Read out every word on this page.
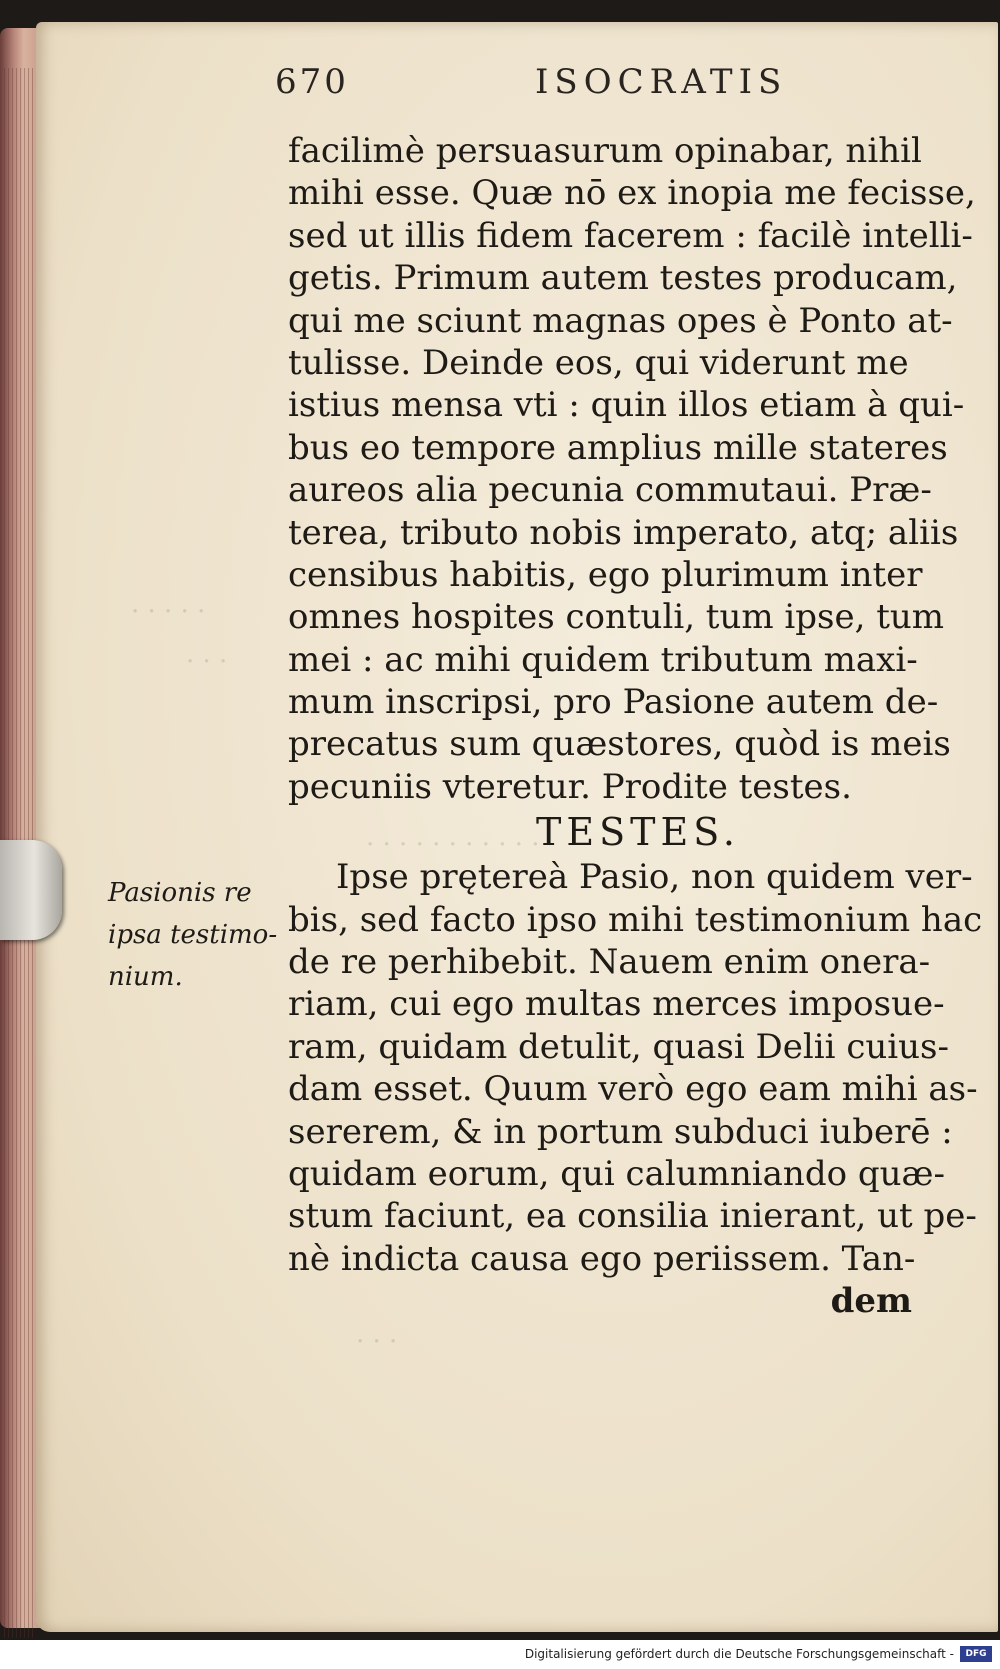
· · · · ·
· · ·
· · · · · · · · · · ·
· · ·
670	ISOCRATIS
facilimè persuasurum opinabar, nihil
mihi esse. Quæ nō ex inopia me fecisse,
sed ut illis fidem facerem : facilè intelli-
getis. Primum autem testes producam,
qui me sciunt magnas opes è Ponto at-
tulisse. Deinde eos, qui viderunt me
istius mensa vti : quin illos etiam à qui-
bus eo tempore amplius mille stateres
aureos alia pecunia commutaui. Præ-
terea, tributo nobis imperato, atq; aliis
censibus habitis, ego plurimum inter
omnes hospites contuli, tum ipse, tum
mei : ac mihi quidem tributum maxi-
mum inscripsi, pro Pasione autem de-
precatus sum quæstores, quòd is meis
pecuniis vteretur. Prodite testes.
TESTES.
Ipse prętereà Pasio, non quidem ver-
bis, sed facto ipso mihi testimonium hac
de re perhibebit. Nauem enim onera-
riam, cui ego multas merces imposue-
ram, quidam detulit, quasi Delii cuius-
dam esset. Quum verò ego eam mihi as-
sererem, & in portum subduci iuberē :
quidam eorum, qui calumniando quæ-
stum faciunt, ea consilia inierant, ut pe-
nè indicta causa ego periissem. Tan-
dem
Pasionis re
ipsa testimo-
nium.
Digitalisierung gefördert durch die Deutsche Forschungsgemeinschaft -	DFG
